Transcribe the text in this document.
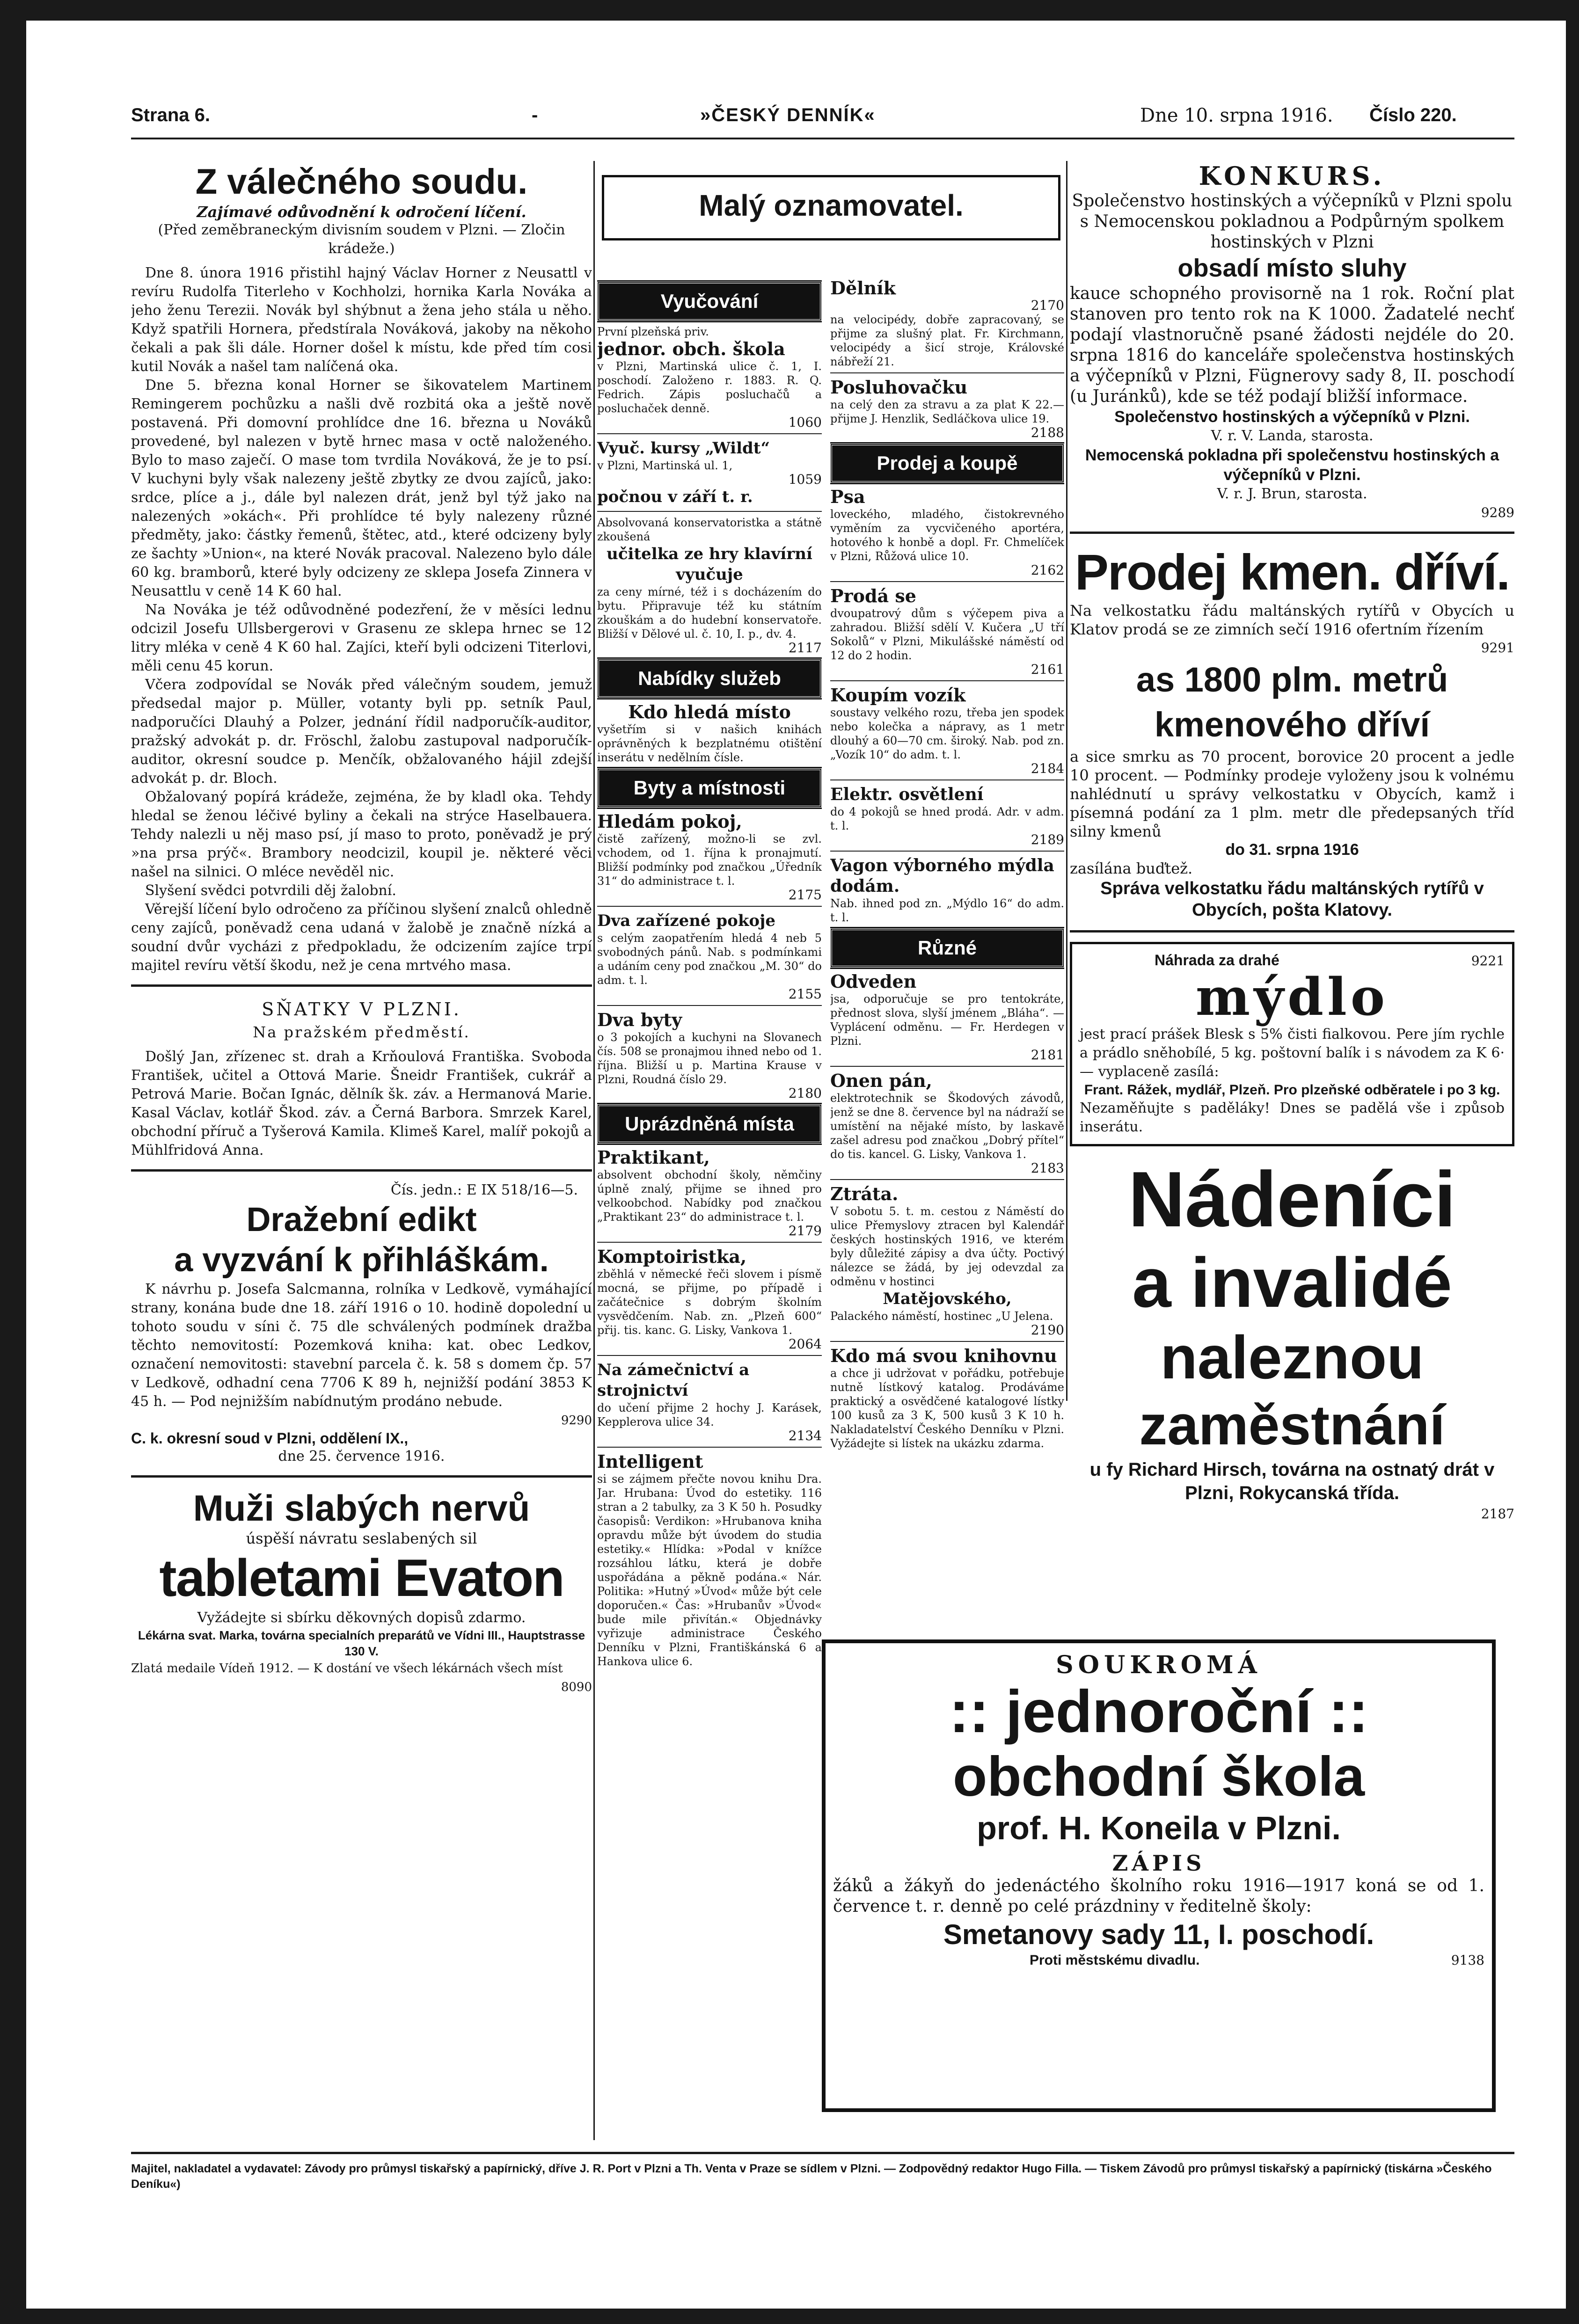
Strana 6.	-	»ČESKÝ DENNÍK«	Dne 10. srpna 1916. Číslo 220.
Z válečného soudu.
Zajímavé odůvodnění k odročení líčení.

(Před zeměbraneckým divisním soudem v Plzni. — Zločin krádeže.)

Dne 8. února 1916 přistihl hajný Václav Horner z Neusattl v revíru Rudolfa Titerleho v Kochholzi, hornika Karla Nováka a jeho ženu Terezii. Novák byl shýbnut a žena jeho stála u něho. Když spatřili Hornera, předstírala Nováková, jakoby na někoho čekali a pak šli dále. Horner došel k místu, kde před tím cosi kutil Novák a našel tam nalíčená oka.

Dne 5. března konal Horner se šikovatelem Martinem Remingerem pochůzku a našli dvě rozbitá oka a ještě nově postavená. Při domovní prohlídce dne 16. března u Nováků provedené, byl nalezen v bytě hrnec masa v octě naloženého. Bylo to maso zaječí. O mase tom tvrdila Nováková, že je to psí. V kuchyni byly však nalezeny ještě zbytky ze dvou zajíců, jako: srdce, plíce a j., dále byl nalezen drát, jenž byl týž jako na nalezených »okách«. Při prohlídce té byly nalezeny různé předměty, jako: částky řemenů, štětec, atd., které odcizeny byly ze šachty »Union«, na které Novák pracoval. Nalezeno bylo dále 60 kg. bramborů, které byly odcizeny ze sklepa Josefa Zinnera v Neusattlu v ceně 14 K 60 hal.

Na Nováka je též odůvodněné podezření, že v měsíci lednu odcizil Josefu Ullsbergerovi v Grasenu ze sklepa hrnec se 12 litry mléka v ceně 4 K 60 hal. Zajíci, kteří byli odcizeni Titerlovi, měli cenu 45 korun.

Včera zodpovídal se Novák před válečným soudem, jemuž předsedal major p. Müller, votanty byli pp. setník Paul, nadporučíci Dlauhý a Polzer, jednání řídil nadporučík-auditor, pražský advokát p. dr. Fröschl, žalobu zastupoval nadporučík-auditor, okresní soudce p. Menčík, obžalovaného hájil zdejší advokát p. dr. Bloch.

Obžalovaný popírá krádeže, zejména, že by kladl oka. Tehdy hledal se ženou léčivé byliny a čekali na strýce Haselbauera. Tehdy nalezli u něj maso psí, jí maso to proto, poněvadž je prý »na prsa prýč«. Brambory neodcizil, koupil je. některé věci našel na silnici. O mléce nevěděl nic.

Slyšení svědci potvrdili děj žalobní.

Věrejší líčení bylo odročeno za příčinou slyšení znalců ohledně ceny zajíců, poněvadž cena udaná v žalobě je značně nízká a soudní dvůr vycházi z předpokladu, že odcizením zajíce trpí majitel revíru větší škodu, než je cena mrtvého masa.

SŇATKY V PLZNI.
Na pražském předměstí.

Došlý Jan, zřízenec st. drah a Krňoulová Františka. Svoboda František, učitel a Ottová Marie. Šneidr František, cukrář a Petrová Marie. Bočan Ignác, dělník šk. záv. a Hermanová Marie. Kasal Václav, kotlář Škod. záv. a Černá Barbora. Smrzek Karel, obchodní příruč a Tyšerová Kamila. Klimeš Karel, malíř pokojů a Mühlfridová Anna.

Čís. jedn.: E IX 518/16—5.

Dražební edikt
a vyzvání k přihláškám.

K návrhu p. Josefa Salcmanna, rolníka v Ledkově, vymáhající strany, konána bude dne 18. září 1916 o 10. hodině dopolední u tohoto soudu v síni č. 75 dle schválených podmínek dražba těchto nemovitostí: Pozemková kniha: kat. obec Ledkov, označení nemovitosti: stavební parcela č. k. 58 s domem čp. 57 v Ledkově, odhadní cena 7706 K 89 h, nejnižší podání 3853 K 45 h. — Pod nejnižším nabídnutým prodáno nebude.

9290

C. k. okresní soud v Plzni, oddělení IX.,

dne 25. července 1916.

Muži slabých nervů

úspěší návratu seslabených sil

tabletami Evaton

Vyžádejte si sbírku děkovných dopisů zdarmo.

Lékárna svat. Marka, továrna specialních preparátů ve Vídni III., Hauptstrasse 130 V.

Zlatá medaile Vídeň 1912. — K dostání ve všech lékárnách všech míst

8090

Malý oznamovatel.
Vyučování
První plzeňská priv.
jednor. obch. škola
v Plzni, Martinská ulice č. 1, I. poschodí. Založeno r. 1883. R. Q. Fedrich. Zápis posluchačů a posluchaček denně.
1060
Vyuč. kursy „Wildt“
v Plzni, Martinská ul. 1,
1059
počnou v září t. r.
Absolvovaná konservatoristka a státně zkoušená
učitelka ze hry klavírní vyučuje
za ceny mírné, též i s docházením do bytu. Připravuje též ku státním zkouškám a do hudební konservatoře. Bližší v Dělové ul. č. 10, I. p., dv. 4.
2117
Nabídky služeb
Kdo hledá místo
vyšetřím si v našich knihách oprávněných k bezplatnému otištění inserátu v nedělním čísle.
Byty a místnosti
Hledám pokoj,
čistě zařízený, možno-li se zvl. vchodem, od 1. října k pronajmutí. Bližší podmínky pod značkou „Úředník 31“ do administrace t. l.
2175
Dva zařízené pokoje
s celým zaopatřením hledá 4 neb 5 svobodných pánů. Nab. s podmínkami a udáním ceny pod značkou „M. 30“ do adm. t. l.
2155
Dva byty
o 3 pokojích a kuchyni na Slovanech čís. 508 se pronajmou ihned nebo od 1. října. Bližší u p. Martina Krause v Plzni, Roudná číslo 29.
2180
Uprázdněná místa
Praktikant,
absolvent obchodní školy, němčiny úplně znalý, přijme se ihned pro velkoobchod. Nabídky pod značkou „Praktikant 23“ do administrace t. l.
2179
Komptoiristka,
zběhlá v německé řeči slovem i písmě mocná, se přijme, po případě i začátečnice s dobrým školním vysvědčením. Nab. zn. „Plzeň 600“ přij. tis. kanc. G. Lisky, Vankova 1.
2064
Na zámečnictví a strojnictví
do učení přijme 2 hochy J. Karásek, Kepplerova ulice 34.
2134
Intelligent
si se zájmem přečte novou knihu Dra. Jar. Hrubana: Úvod do estetiky. 116 stran a 2 tabulky, za 3 K 50 h. Posudky časopisů: Verdikon: »Hrubanova kniha opravdu může být úvodem do studia estetiky.« Hlídka: »Podal v knížce rozsáhlou látku, která je dobře uspořádána a pěkně podána.« Nár. Politika: »Hutný »Úvod« může být cele doporučen.« Čas: »Hrubanův »Úvod« bude mile přivítán.« Objednávky vyřizuje administrace Českého Denníku v Plzni, Františkánská 6 a Hankova ulice 6.
Dělník
2170
na velocipédy, dobře zapracovaný, se přijme za slušný plat. Fr. Kirchmann, velocipédy a šicí stroje, Královské nábřeží 21.
Posluhovačku
na celý den za stravu a za plat K 22.— přijme J. Henzlik, Sedláčkova ulice 19.
2188
Prodej a koupě
Psa
loveckého, mladého, čistokrevného vyměním za vycvičeného aportéra, hotového k honbě a dopl. Fr. Chmelíček v Plzni, Růžová ulice 10.
2162
Prodá se
dvoupatrový dům s výčepem piva a zahradou. Bližší sdělí V. Kučera „U tří Sokolů“ v Plzni, Mikulášské náměstí od 12 do 2 hodin.
2161
Koupím vozík
soustavy velkého rozu, třeba jen spodek nebo kolečka a nápravy, as 1 metr dlouhý a 60—70 cm. široký. Nab. pod zn. „Vozík 10“ do adm. t. l.
2184
Elektr. osvětlení
do 4 pokojů se hned prodá. Adr. v adm. t. l.
2189
Vagon výborného mýdla dodám.
Nab. ihned pod zn. „Mýdlo 16“ do adm. t. l.
Různé
Odveden
jsa, odporučuje se pro tentokráte, přednost slova, slyší jménem „Bláha“. — Vyplácení odměnu. — Fr. Herdegen v Plzni.
2181
Onen pán,
elektrotechnik se Škodových závodů, jenž se dne 8. července byl na nádraží se umístění na nějaké místo, by laskavě zašel adresu pod značkou „Dobrý přítel“ do tis. kancel. G. Lisky, Vankova 1.
2183
Ztráta.
V sobotu 5. t. m. cestou z Náměstí do ulice Přemyslovy ztracen byl Kalendář českých hostinských 1916, ve kterém byly důležité zápisy a dva účty. Poctivý nálezce se žádá, by jej odevzdal za odměnu v hostinci
Matějovského,
Palackého náměstí, hostinec „U Jelena.
2190
Kdo má svou knihovnu
a chce ji udržovat v pořádku, potřebuje nutně lístkový katalog. Prodáváme praktický a osvědčené katalogové lístky 100 kusů za 3 K, 500 kusů 3 K 10 h. Nakladatelství Českého Denníku v Plzni. Vyžádejte si lístek na ukázku zdarma.
KONKURS.

Společenstvo hostinských a výčepníků v Plzni spolu s Nemocenskou pokladnou a Podpůrným spolkem hostinských v Plzni

obsadí místo sluhy

kauce schopného provisorně na 1 rok. Roční plat stanoven pro tento rok na K 1000. Žadatelé nechť podají vlastnoručně psané žádosti nejdéle do 20. srpna 1816 do kanceláře společenstva hostinských a výčepníků v Plzni, Fügnerovy sady 8, II. poschodí (u Juránků), kde se též podají bližší informace.

Společenstvo hostinských a výčepníků v Plzni.

V. r. V. Landa, starosta.

Nemocenská pokladna při společenstvu hostinských a výčepníků v Plzni.

V. r. J. Brun, starosta.

9289

Prodej kmen. dříví.

Na velkostatku řádu maltánských rytířů v Obycích u Klatov prodá se ze zimních sečí 1916 ofertním řízením

9291

as 1800 plm. metrů kmenového dříví

a sice smrku as 70 procent, borovice 20 procent a jedle 10 procent. — Podmínky prodeje vyloženy jsou k volnému nahlédnutí u správy velkostatku v Obycích, kamž i písemná podání za 1 plm. metr dle předepsaných tříd silny kmenů

do 31. srpna 1916

zasílána buďtež.

Správa velkostatku řádu maltánských rytířů v Obycích, pošta Klatovy.
Náhrada za drahé	9221
mýdlo

jest prací prášek Blesk s 5% čisti fialkovou. Pere jím rychle a prádlo sněhobílé, 5 kg. poštovní balík i s návodem za K 6·— vyplaceně zasílá:

Frant. Rážek, mydlář, Plzeň. Pro plzeňské odběratele i po 3 kg.

Nezaměňujte s paděláky! Dnes se padělá vše i způsob inserátu.

Nádeníci
a invalidé
naleznou
zaměstnání
u fy Richard Hirsch, továrna na ostnatý drát v Plzni, Rokycanská třída.

2187

SOUKROMÁ
:: jednoroční ::
obchodní škola
prof. H. Koneila v Plzni.
ZÁPIS

žáků a žákyň do jedenáctého školního roku 1916—1917 koná se od 1. července t. r. denně po celé prázdniny v ředitelně školy:

Smetanovy sady 11, I. poschodí.
Proti městskému divadlu.	9138
Majitel, nakladatel a vydavatel: Závody pro průmysl tiskařský a papírnický, dříve J. R. Port v Plzni a Th. Venta v Praze se sídlem v Plzni. — Zodpovědný redaktor Hugo Filla. — Tiskem Závodů pro průmysl tiskařský a papírnický (tiskárna »Českého Deníku«)
